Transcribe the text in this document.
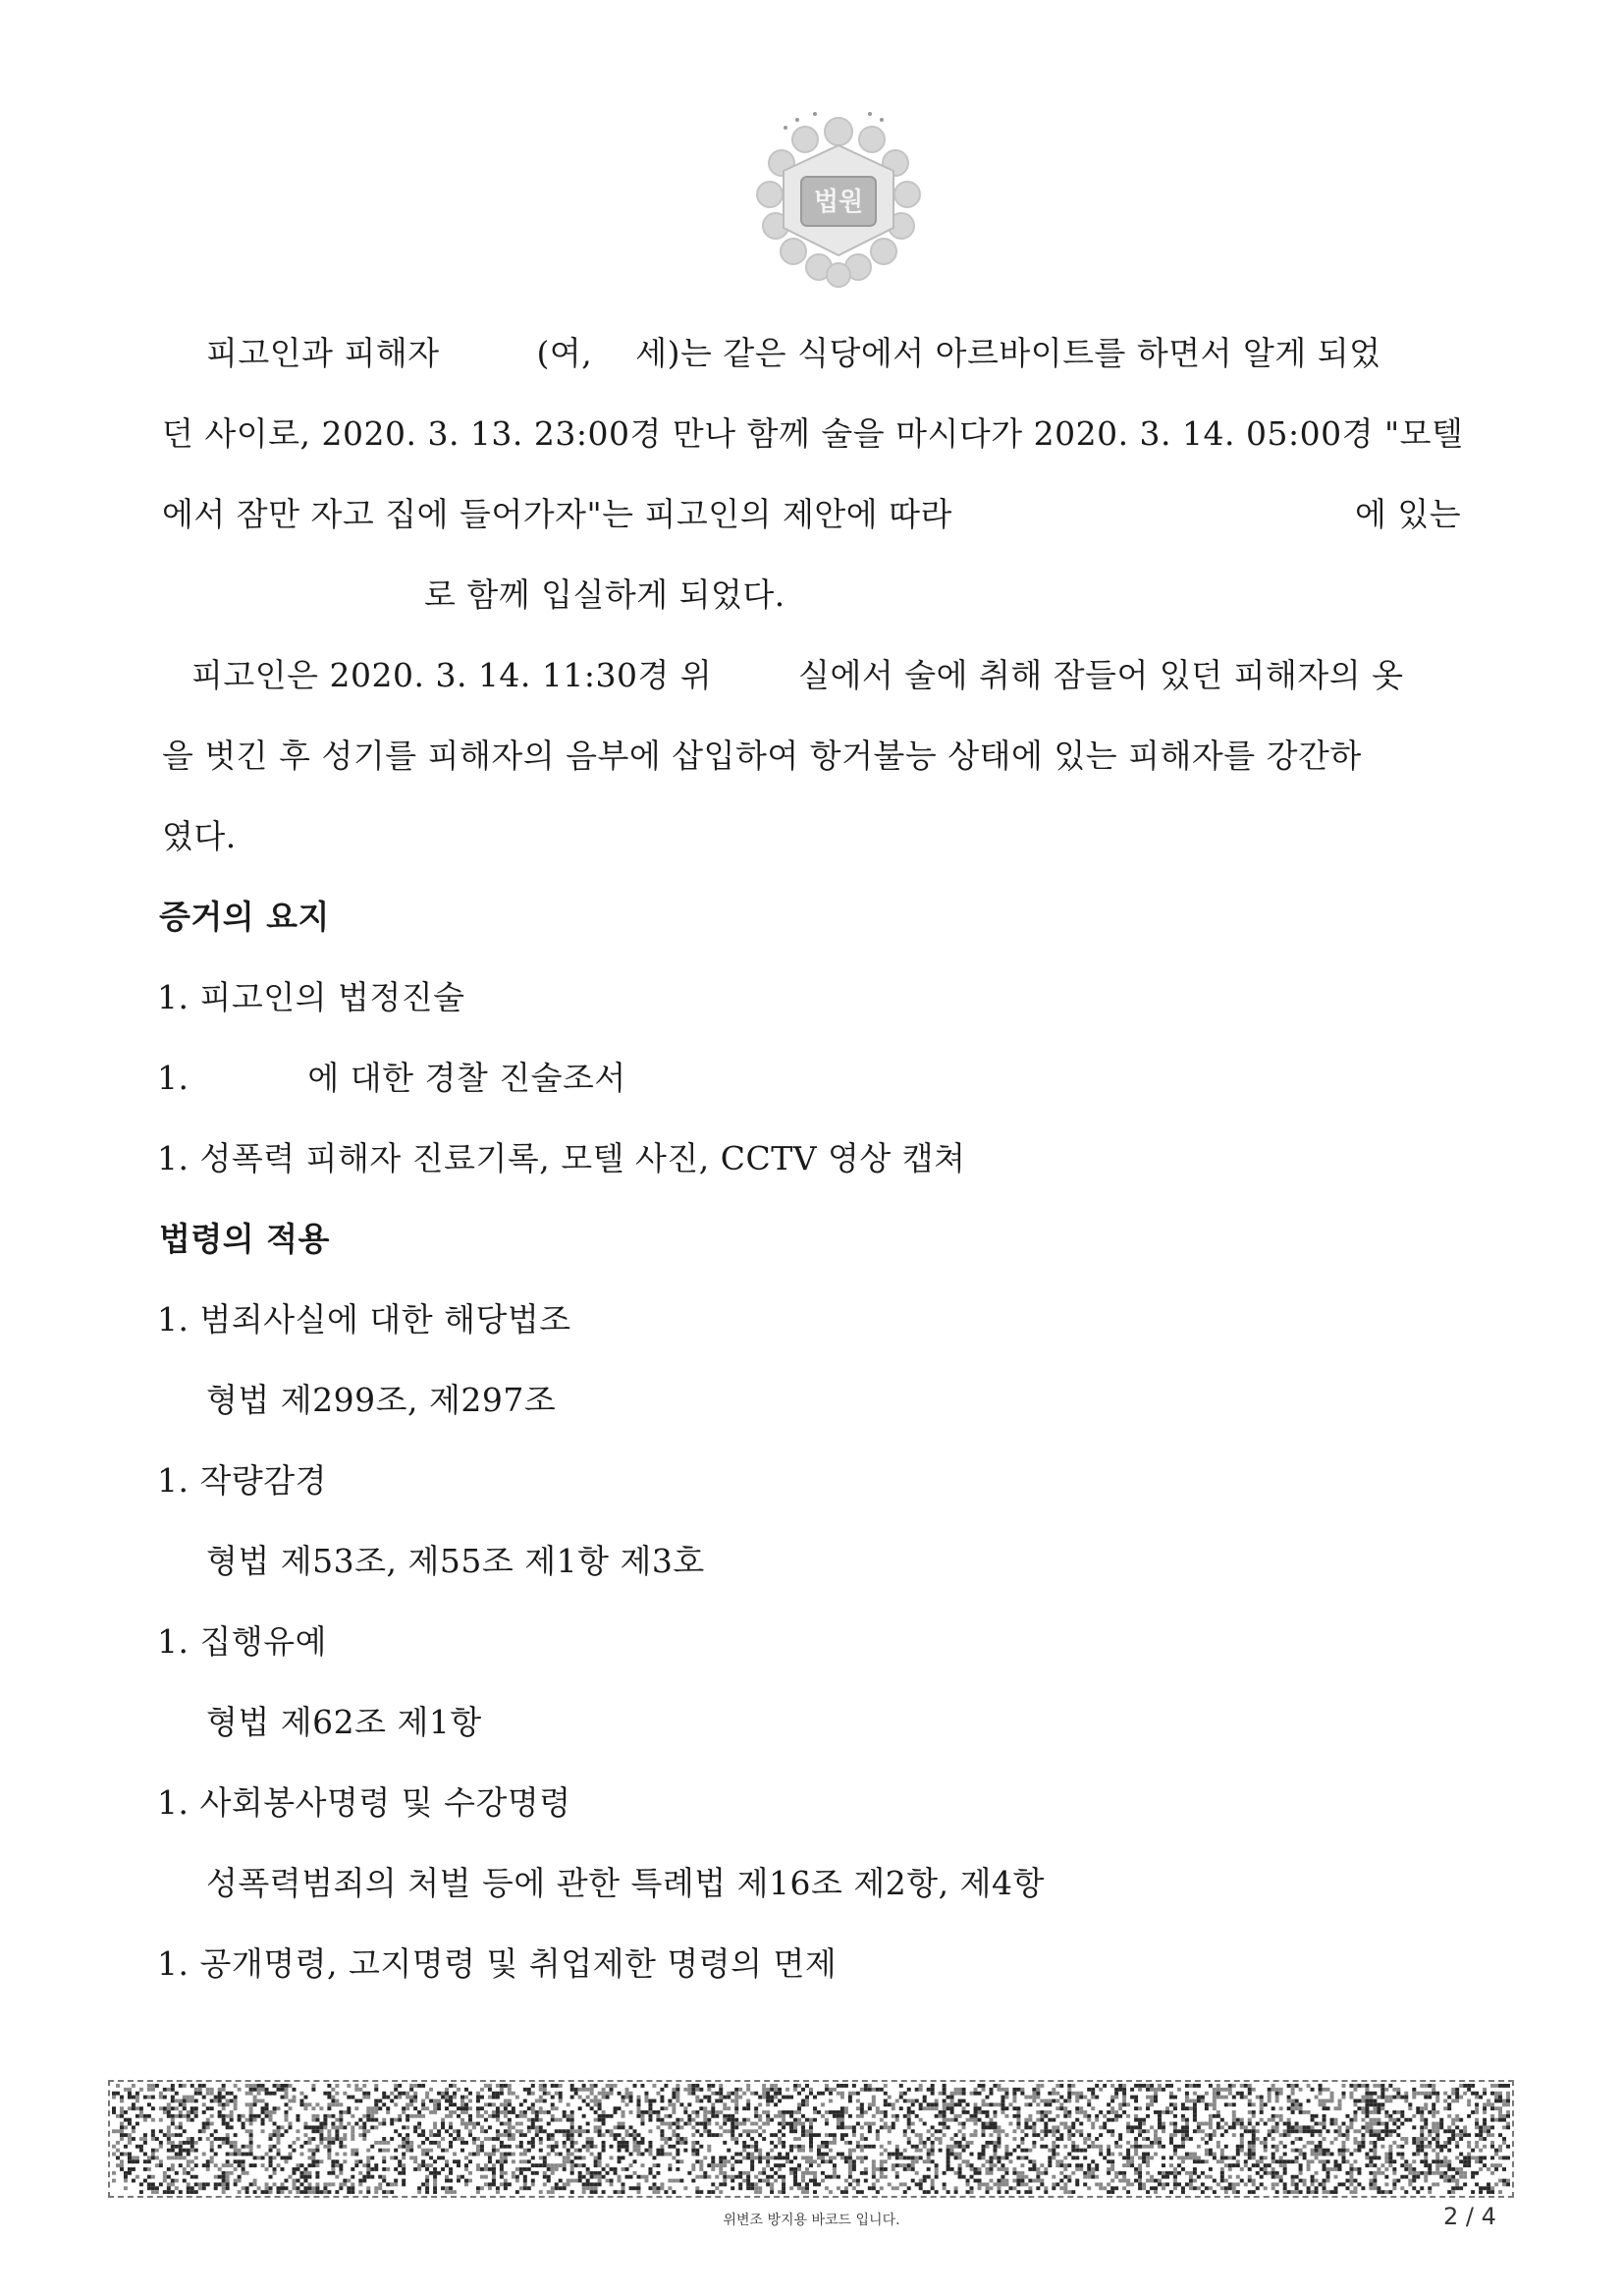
법원
피고인과 피해자         (여,    세)는 같은 식당에서 아르바이트를 하면서 알게 되었
던 사이로, 2020. 3. 13. 23:00경 만나 함께 술을 마시다가 2020. 3. 14. 05:00경 "모텔
에서 잠만 자고 집에 들어가자"는 피고인의 제안에 따라	에 있는
로 함께 입실하게 되었다.
피고인은 2020. 3. 14. 11:30경 위        실에서 술에 취해 잠들어 있던 피해자의 옷
을 벗긴 후 성기를 피해자의 음부에 삽입하여 항거불능 상태에 있는 피해자를 강간하
였다.
증거의 요지
1. 피고인의 법정진술
1.           에 대한 경찰 진술조서
1. 성폭력 피해자 진료기록, 모텔 사진, CCTV 영상 캡쳐
법령의 적용
1. 범죄사실에 대한 해당법조
형법 제299조, 제297조
1. 작량감경
형법 제53조, 제55조 제1항 제3호
1. 집행유예
형법 제62조 제1항
1. 사회봉사명령 및 수강명령
성폭력범죄의 처벌 등에 관한 특례법 제16조 제2항, 제4항
1. 공개명령, 고지명령 및 취업제한 명령의 면제
위변조 방지용 바코드 입니다.	2 / 4
